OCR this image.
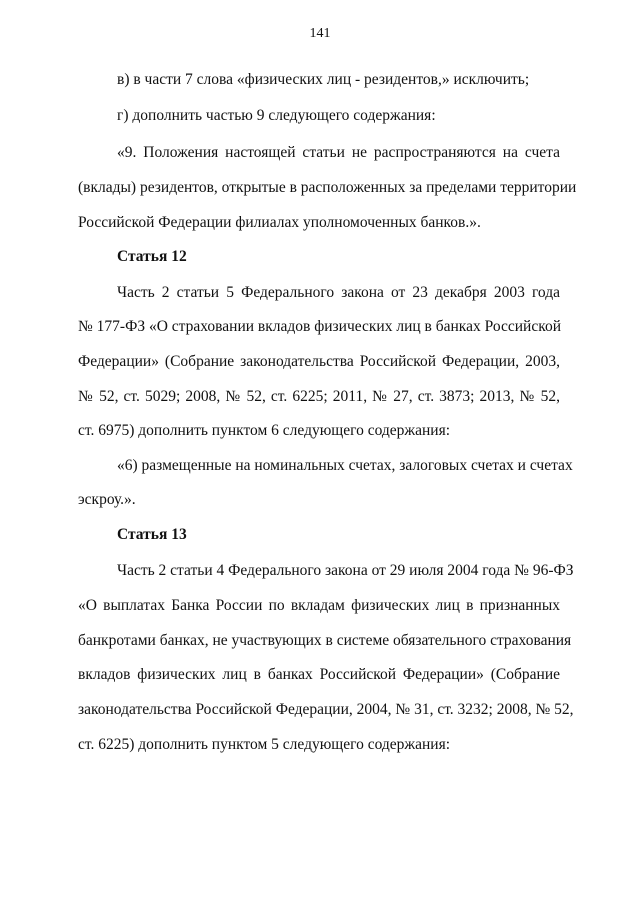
141
в) в части 7 слова «физических лиц - резидентов,» исключить;
г) дополнить частью 9 следующего содержания:
«9. Положения настоящей статьи не распространяются на счета
(вклады) резидентов, открытые в расположенных за пределами территории
Российской Федерации филиалах уполномоченных банков.».
Статья 12
Часть 2 статьи 5 Федерального закона от 23 декабря 2003 года
№ 177-ФЗ «О страховании вкладов физических лиц в банках Российской
Федерации» (Собрание законодательства Российской Федерации, 2003,
№ 52, ст. 5029; 2008, № 52, ст. 6225; 2011, № 27, ст. 3873; 2013, № 52,
ст. 6975) дополнить пунктом 6 следующего содержания:
«6) размещенные на номинальных счетах, залоговых счетах и счетах
эскроу.».
Статья 13
Часть 2 статьи 4 Федерального закона от 29 июля 2004 года № 96-ФЗ
«О выплатах Банка России по вкладам физических лиц в признанных
банкротами банках, не участвующих в системе обязательного страхования
вкладов физических лиц в банках Российской Федерации» (Собрание
законодательства Российской Федерации, 2004, № 31, ст. 3232; 2008, № 52,
ст. 6225) дополнить пунктом 5 следующего содержания:
